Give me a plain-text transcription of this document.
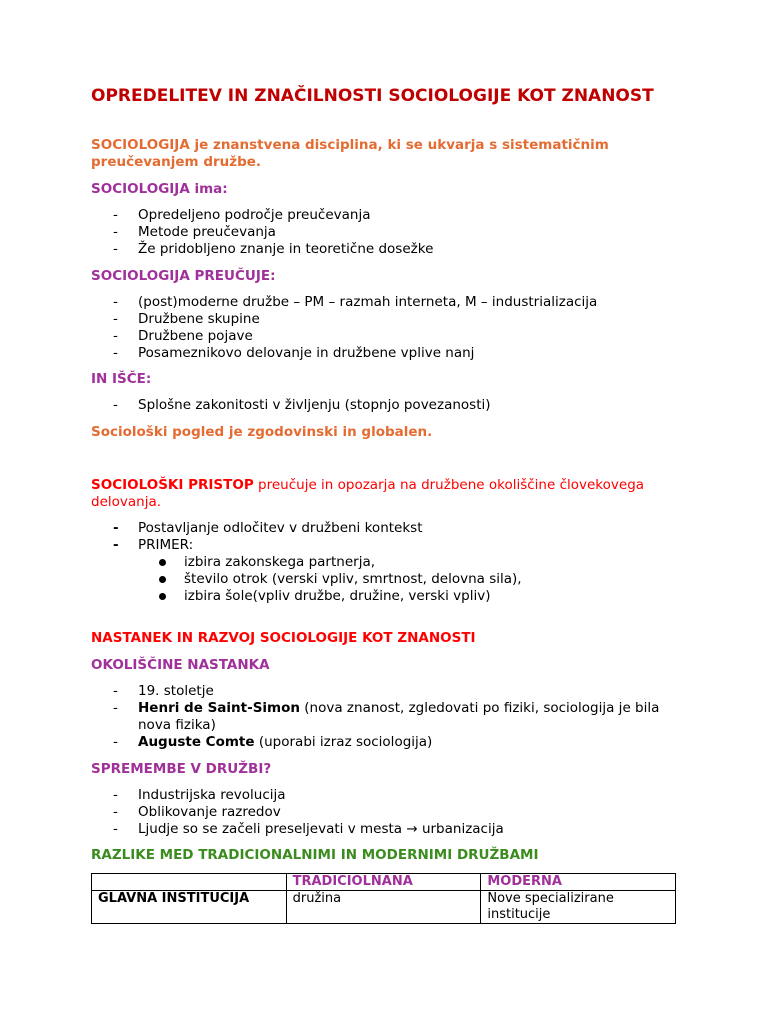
OPREDELITEV IN ZNAČILNOSTI SOCIOLOGIJE KOT ZNANOST
SOCIOLOGIJA je znanstvena disciplina, ki se ukvarja s sistematičnim preučevanjem družbe.
SOCIOLOGIJA ima:
- Opredeljeno področje preučevanja
- Metode preučevanja
- Že pridobljeno znanje in teoretične dosežke
SOCIOLOGIJA PREUČUJE:
- (post)moderne družbe – PM – razmah interneta, M – industrializacija
- Družbene skupine
- Družbene pojave
- Posameznikovo delovanje in družbene vplive nanj
IN IŠČE:
- Splošne zakonitosti v življenju (stopnjo povezanosti)
Sociološki pogled je zgodovinski in globalen.
SOCIOLOŠKI PRISTOP preučuje in opozarja na družbene okoliščine človekovega delovanja.
- Postavljanje odločitev v družbeni kontekst
- PRIMER:
izbira zakonskega partnerja,
število otrok (verski vpliv, smrtnost, delovna sila),
izbira šole(vpliv družbe, družine, verski vpliv)
NASTANEK IN RAZVOJ SOCIOLOGIJE KOT ZNANOSTI
OKOLIŠČINE NASTANKA
- 19. stoletje
- Henri de Saint-Simon (nova znanost, zgledovati po fiziki, sociologija je bila nova fizika)
- Auguste Comte (uporabi izraz sociologija)
SPREMEMBE V DRUŽBI?
- Industrijska revolucija
- Oblikovanje razredov
- Ljudje so se začeli preseljevati v mesta → urbanizacija
RAZLIKE MED TRADICIONALNIMI IN MODERNIMI DRUŽBAMI
	TRADICIOLNANA	MODERNA
GLAVNA INSTITUCIJA	družina	Nove specializirane institucije
